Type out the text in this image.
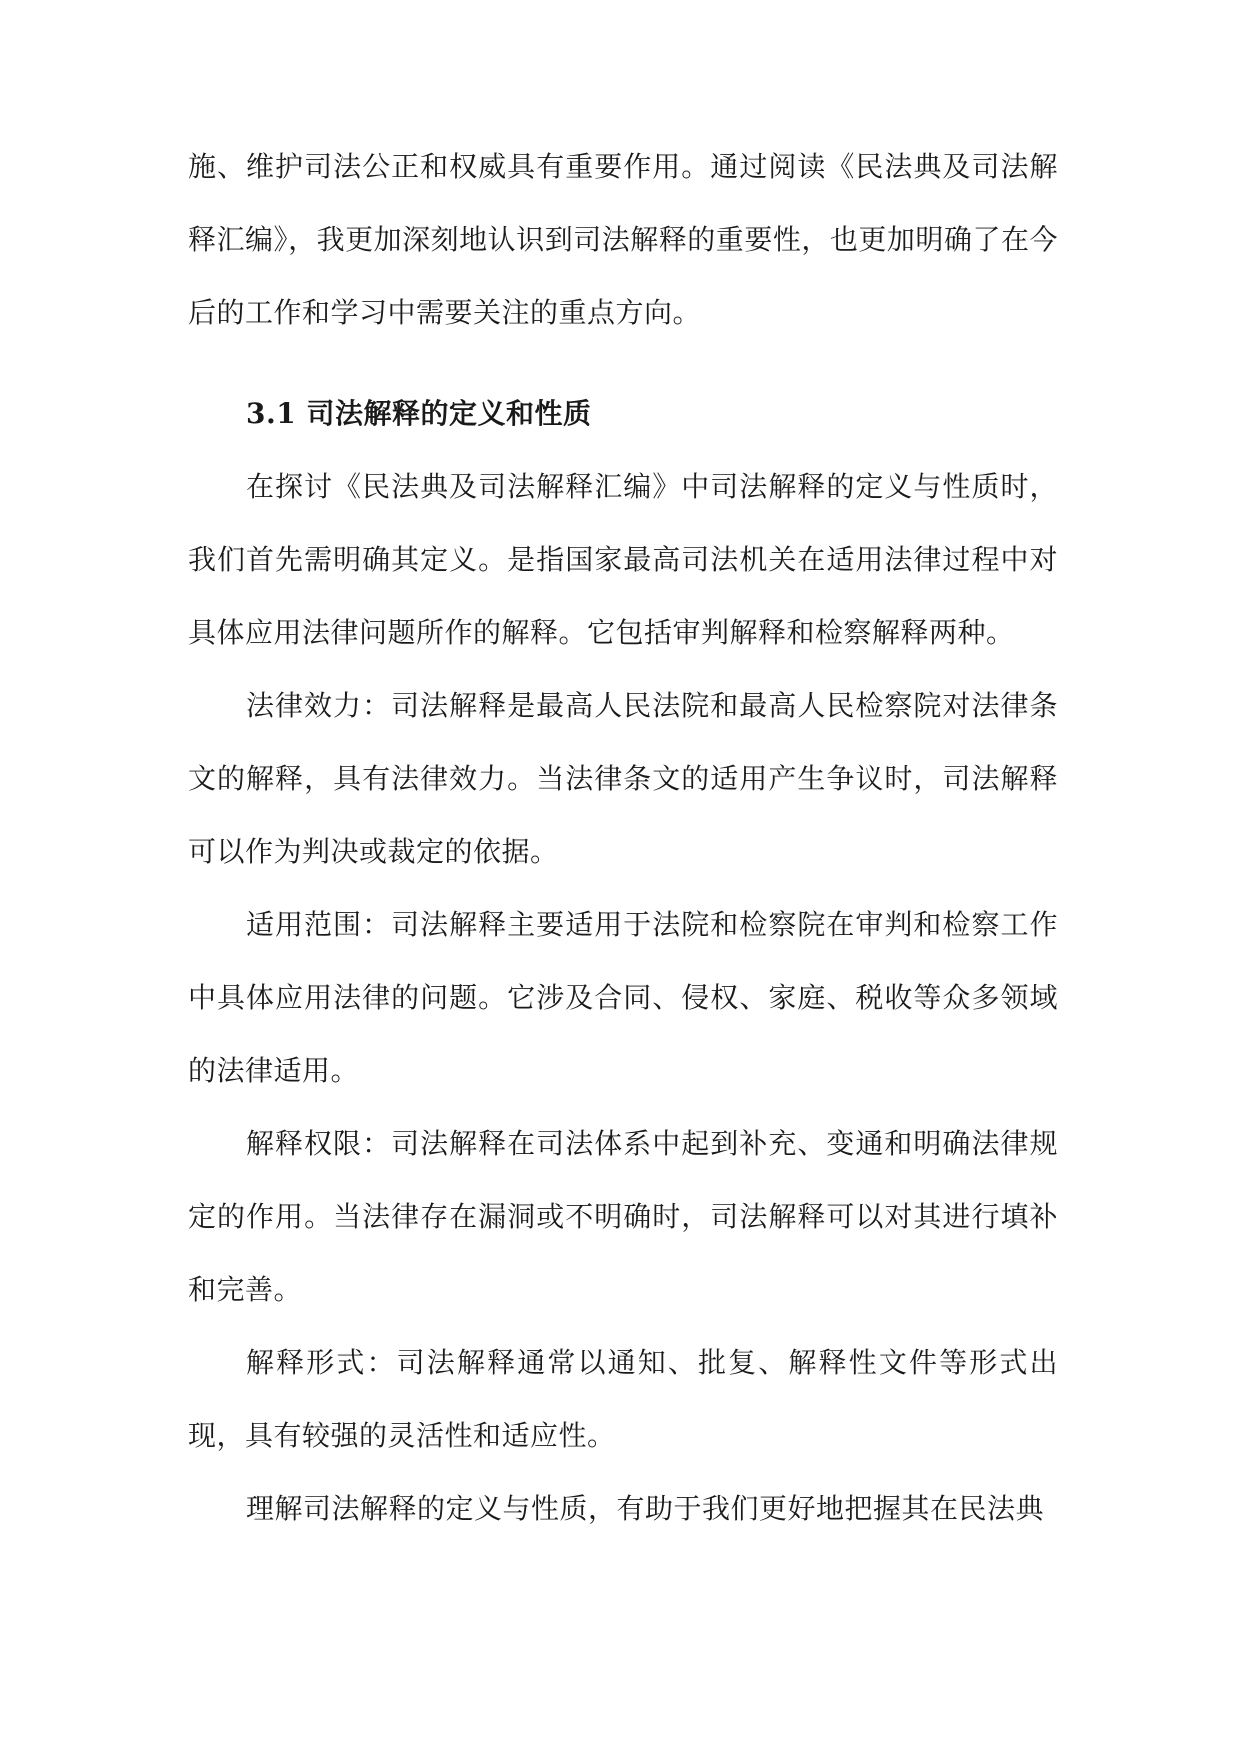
施、维护司法公正和权威具有重要作用。通过阅读《民法典及司法解释汇编》，我更加深刻地认识到司法解释的重要性，也更加明确了在今后的工作和学习中需要关注的重点方向。

3.1 司法解释的定义和性质

在探讨《民法典及司法解释汇编》中司法解释的定义与性质时，我们首先需明确其定义。是指国家最高司法机关在适用法律过程中对具体应用法律问题所作的解释。它包括审判解释和检察解释两种。

法律效力：司法解释是最高人民法院和最高人民检察院对法律条文的解释，具有法律效力。当法律条文的适用产生争议时，司法解释可以作为判决或裁定的依据。

适用范围：司法解释主要适用于法院和检察院在审判和检察工作中具体应用法律的问题。它涉及合同、侵权、家庭、税收等众多领域的法律适用。

解释权限：司法解释在司法体系中起到补充、变通和明确法律规定的作用。当法律存在漏洞或不明确时，司法解释可以对其进行填补和完善。

解释形式：司法解释通常以通知、批复、解释性文件等形式出现，具有较强的灵活性和适应性。

理解司法解释的定义与性质，有助于我们更好地把握其在民法典
